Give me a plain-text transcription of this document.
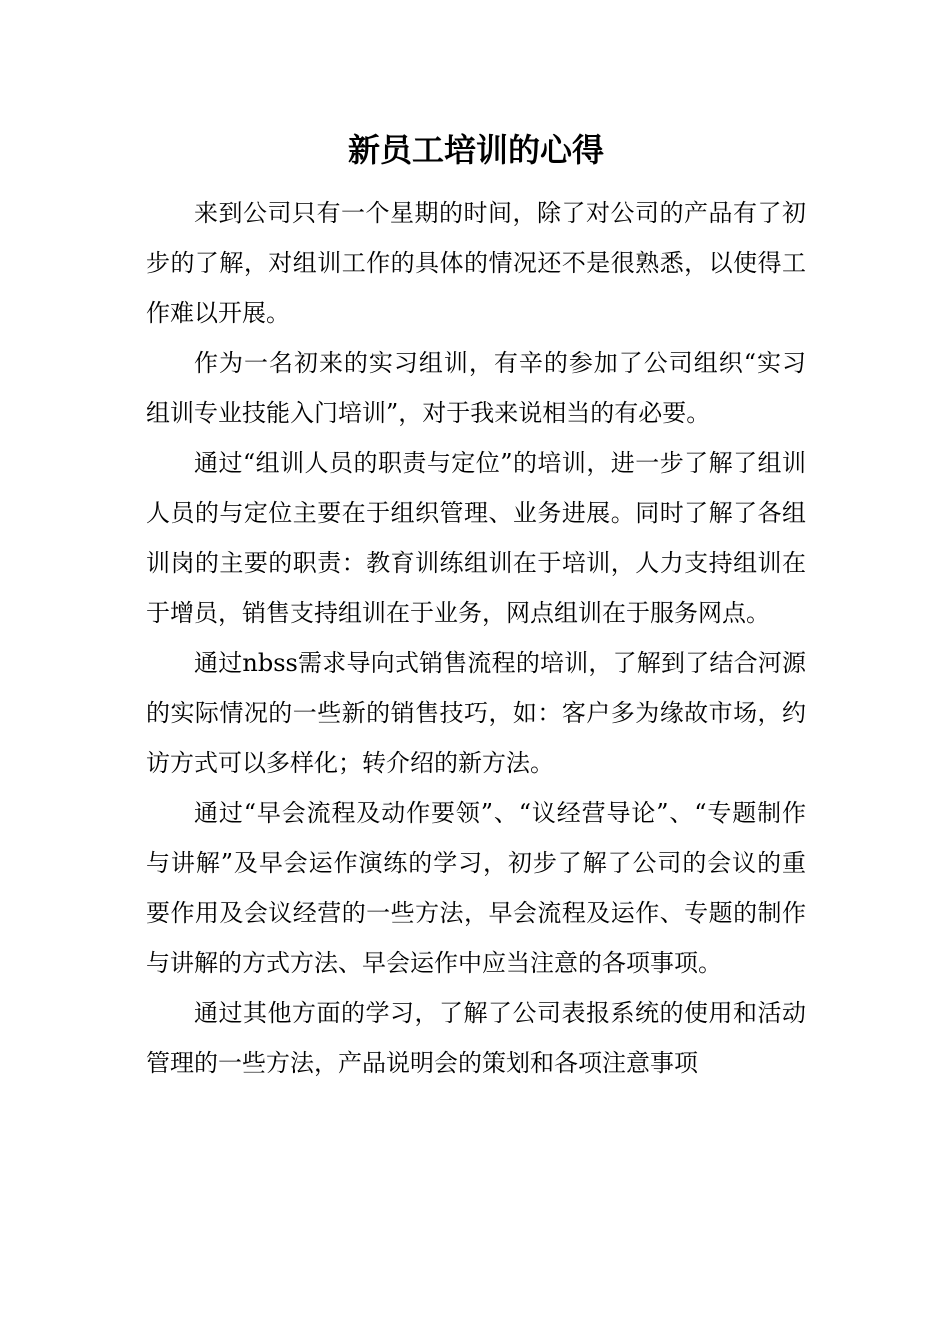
新员工培训的心得

来到公司只有一个星期的时间，除了对公司的产品有了初步的了解，对组训工作的具体的情况还不是很熟悉，以使得工作难以开展。

作为一名初来的实习组训，有辛的参加了公司组织“实习组训专业技能入门培训”，对于我来说相当的有必要。

通过“组训人员的职责与定位”的培训，进一步了解了组训人员的与定位主要在于组织管理、业务进展。同时了解了各组训岗的主要的职责：教育训练组训在于培训，人力支持组训在于增员，销售支持组训在于业务，网点组训在于服务网点。

通过nbss需求导向式销售流程的培训，了解到了结合河源的实际情况的一些新的销售技巧，如：客户多为缘故市场，约访方式可以多样化；转介绍的新方法。

通过“早会流程及动作要领”、“议经营导论”、“专题制作与讲解”及早会运作演练的学习，初步了解了公司的会议的重要作用及会议经营的一些方法，早会流程及运作、专题的制作与讲解的方式方法、早会运作中应当注意的各项事项。

通过其他方面的学习，了解了公司表报系统的使用和活动管理的一些方法，产品说明会的策划和各项注意事项
